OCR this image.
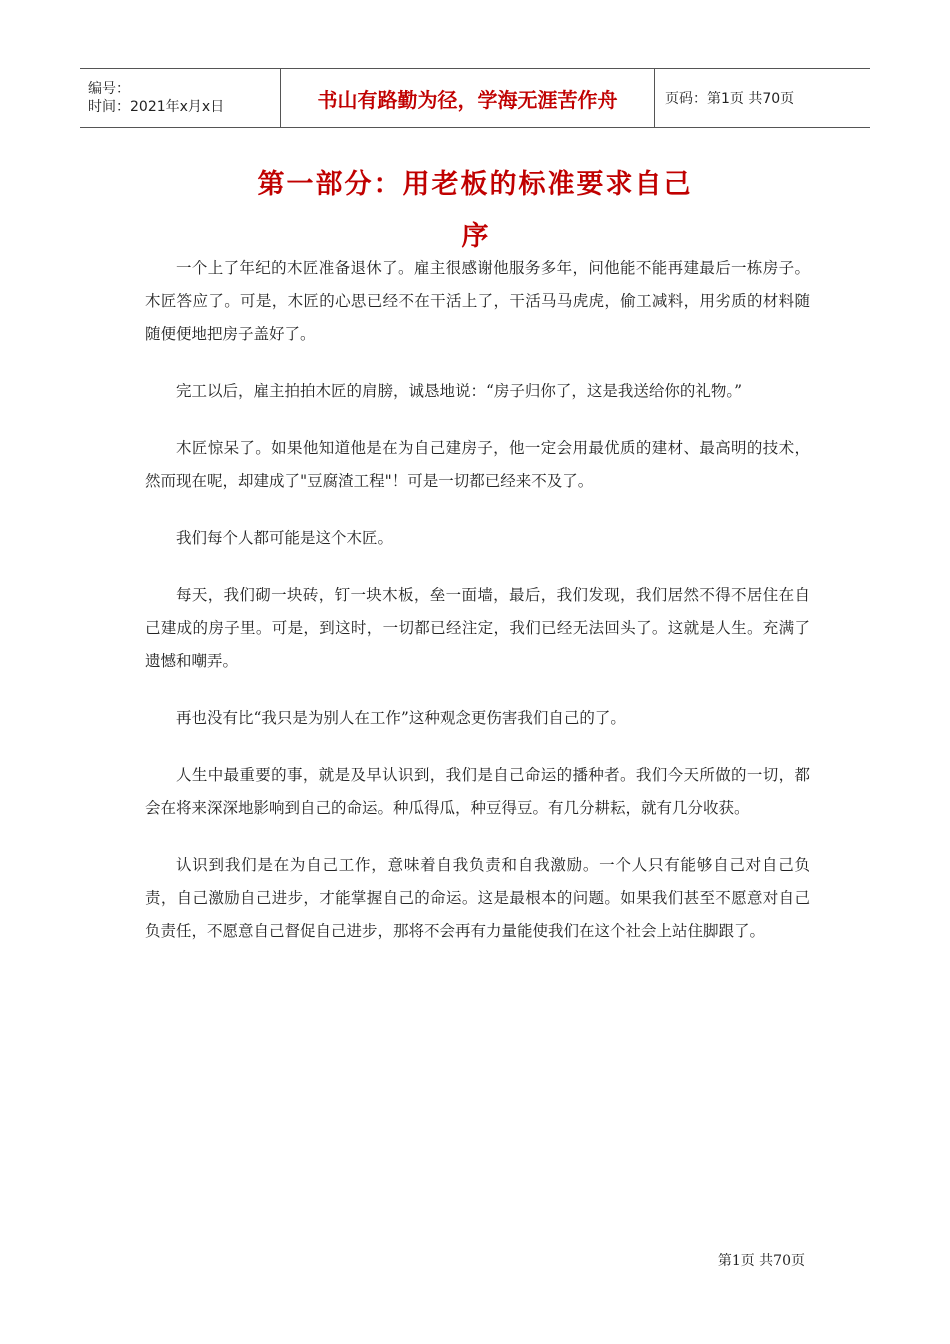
编号：
时间：2021年x月x日	书山有路勤为径，学海无涯苦作舟	页码：第1页 共70页
第一部分：用老板的标准要求自己
序

一个上了年纪的木匠准备退休了。雇主很感谢他服务多年，问他能不能再建最后一栋房子。木匠答应了。可是，木匠的心思已经不在干活上了，干活马马虎虎，偷工减料，用劣质的材料随随便便地把房子盖好了。

完工以后，雇主拍拍木匠的肩膀，诚恳地说：“房子归你了，这是我送给你的礼物。”

木匠惊呆了。如果他知道他是在为自己建房子，他一定会用最优质的建材、最高明的技术，然而现在呢，却建成了"豆腐渣工程"！可是一切都已经来不及了。

我们每个人都可能是这个木匠。

每天，我们砌一块砖，钉一块木板，垒一面墙，最后，我们发现，我们居然不得不居住在自己建成的房子里。可是，到这时，一切都已经注定，我们已经无法回头了。这就是人生。充满了遗憾和嘲弄。

再也没有比“我只是为别人在工作”这种观念更伤害我们自己的了。

人生中最重要的事，就是及早认识到，我们是自己命运的播种者。我们今天所做的一切，都会在将来深深地影响到自己的命运。种瓜得瓜，种豆得豆。有几分耕耘，就有几分收获。

认识到我们是在为自己工作，意味着自我负责和自我激励。一个人只有能够自己对自己负责，自己激励自己进步，才能掌握自己的命运。这是最根本的问题。如果我们甚至不愿意对自己负责任，不愿意自己督促自己进步，那将不会再有力量能使我们在这个社会上站住脚跟了。

第1页 共70页
